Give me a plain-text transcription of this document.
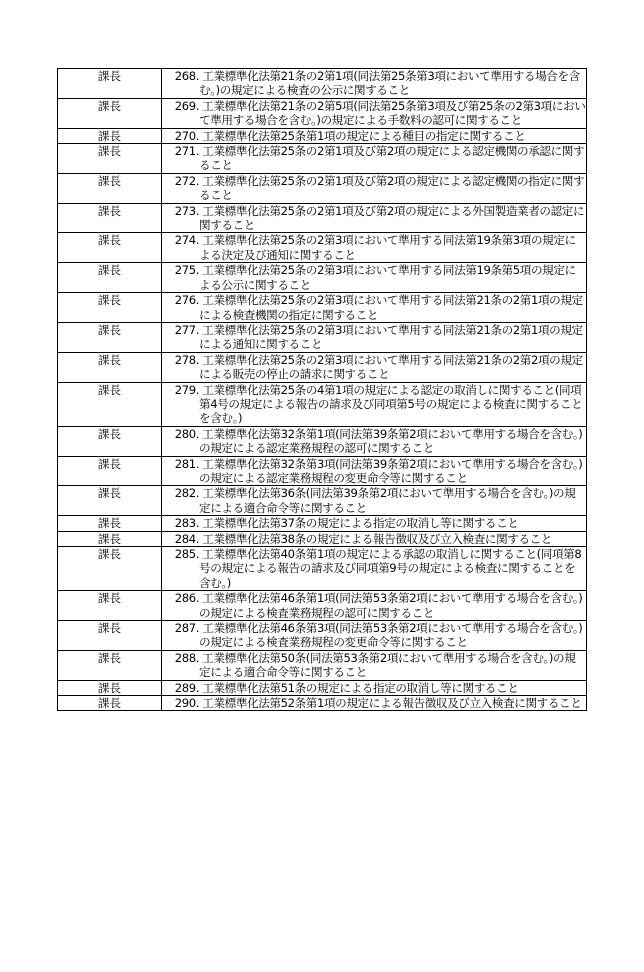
課長	268. 工業標準化法第21条の2第1項(同法第25条第3項において準用する場合を含む。)の規定による検査の公示に関すること

課長	269. 工業標準化法第21条の2第5項(同法第25条第3項及び第25条の2第3項において準用する場合を含む。)の規定による手数料の認可に関すること

課長	270. 工業標準化法第25条第1項の規定による種目の指定に関すること

課長	271. 工業標準化法第25条の2第1項及び第2項の規定による認定機関の承認に関すること

課長	272. 工業標準化法第25条の2第1項及び第2項の規定による認定機関の指定に関すること

課長	273. 工業標準化法第25条の2第1項及び第2項の規定による外国製造業者の認定に関すること

課長	274. 工業標準化法第25条の2第3項において準用する同法第19条第3項の規定による決定及び通知に関すること

課長	275. 工業標準化法第25条の2第3項において準用する同法第19条第5項の規定による公示に関すること

課長	276. 工業標準化法第25条の2第3項において準用する同法第21条の2第1項の規定による検査機関の指定に関すること

課長	277. 工業標準化法第25条の2第3項において準用する同法第21条の2第1項の規定による通知に関すること

課長	278. 工業標準化法第25条の2第3項において準用する同法第21条の2第2項の規定による販売の停止の請求に関すること

課長	279. 工業標準化法第25条の4第1項の規定による認定の取消しに関すること(同項第4号の規定による報告の請求及び同項第5号の規定による検査に関することを含む。)

課長	280. 工業標準化法第32条第1項(同法第39条第2項において準用する場合を含む。)の規定による認定業務規程の認可に関すること

課長	281. 工業標準化法第32条第3項(同法第39条第2項において準用する場合を含む。)の規定による認定業務規程の変更命令等に関すること

課長	282. 工業標準化法第36条(同法第39条第2項において準用する場合を含む。)の規定による適合命令等に関すること

課長	283. 工業標準化法第37条の規定による指定の取消し等に関すること

課長	284. 工業標準化法第38条の規定による報告徴収及び立入検査に関すること

課長	285. 工業標準化法第40条第1項の規定による承認の取消しに関すること(同項第8号の規定による報告の請求及び同項第9号の規定による検査に関することを含む。)

課長	286. 工業標準化法第46条第1項(同法第53条第2項において準用する場合を含む。)の規定による検査業務規程の認可に関すること

課長	287. 工業標準化法第46条第3項(同法第53条第2項において準用する場合を含む。)の規定による検査業務規程の変更命令等に関すること

課長	288. 工業標準化法第50条(同法第53条第2項において準用する場合を含む。)の規定による適合命令等に関すること

課長	289. 工業標準化法第51条の規定による指定の取消し等に関すること

課長	290. 工業標準化法第52条第1項の規定による報告徴収及び立入検査に関すること
